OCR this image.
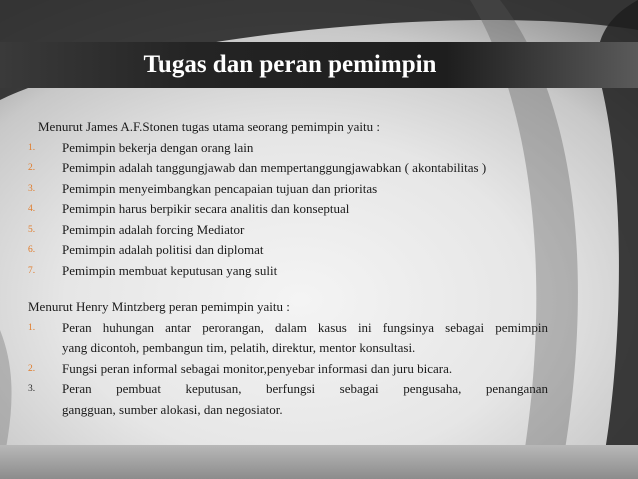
Tugas dan peran pemimpin

Menurut James A.F.Stonen tugas utama seorang pemimpin yaitu :

1. Pemimpin bekerja dengan orang lain
2. Pemimpin adalah tanggungjawab dan mempertanggungjawabkan ( akontabilitas )
3. Pemimpin menyeimbangkan pencapaian tujuan dan prioritas
4. Pemimpin harus berpikir secara analitis dan konseptual
5. Pemimpin adalah forcing Mediator
6. Pemimpin adalah politisi dan diplomat
7. Pemimpin membuat keputusan yang sulit

Menurut Henry Mintzberg peran pemimpin yaitu :

1. Peran huhungan antar perorangan, dalam kasus ini fungsinya sebagai pemimpin
yang dicontoh, pembangun tim, pelatih, direktur, mentor konsultasi.
2. Fungsi peran informal sebagai monitor,penyebar informasi dan juru bicara.
3. Peran pembuat keputusan, berfungsi sebagai pengusaha, penanganan
gangguan, sumber alokasi, dan negosiator.
